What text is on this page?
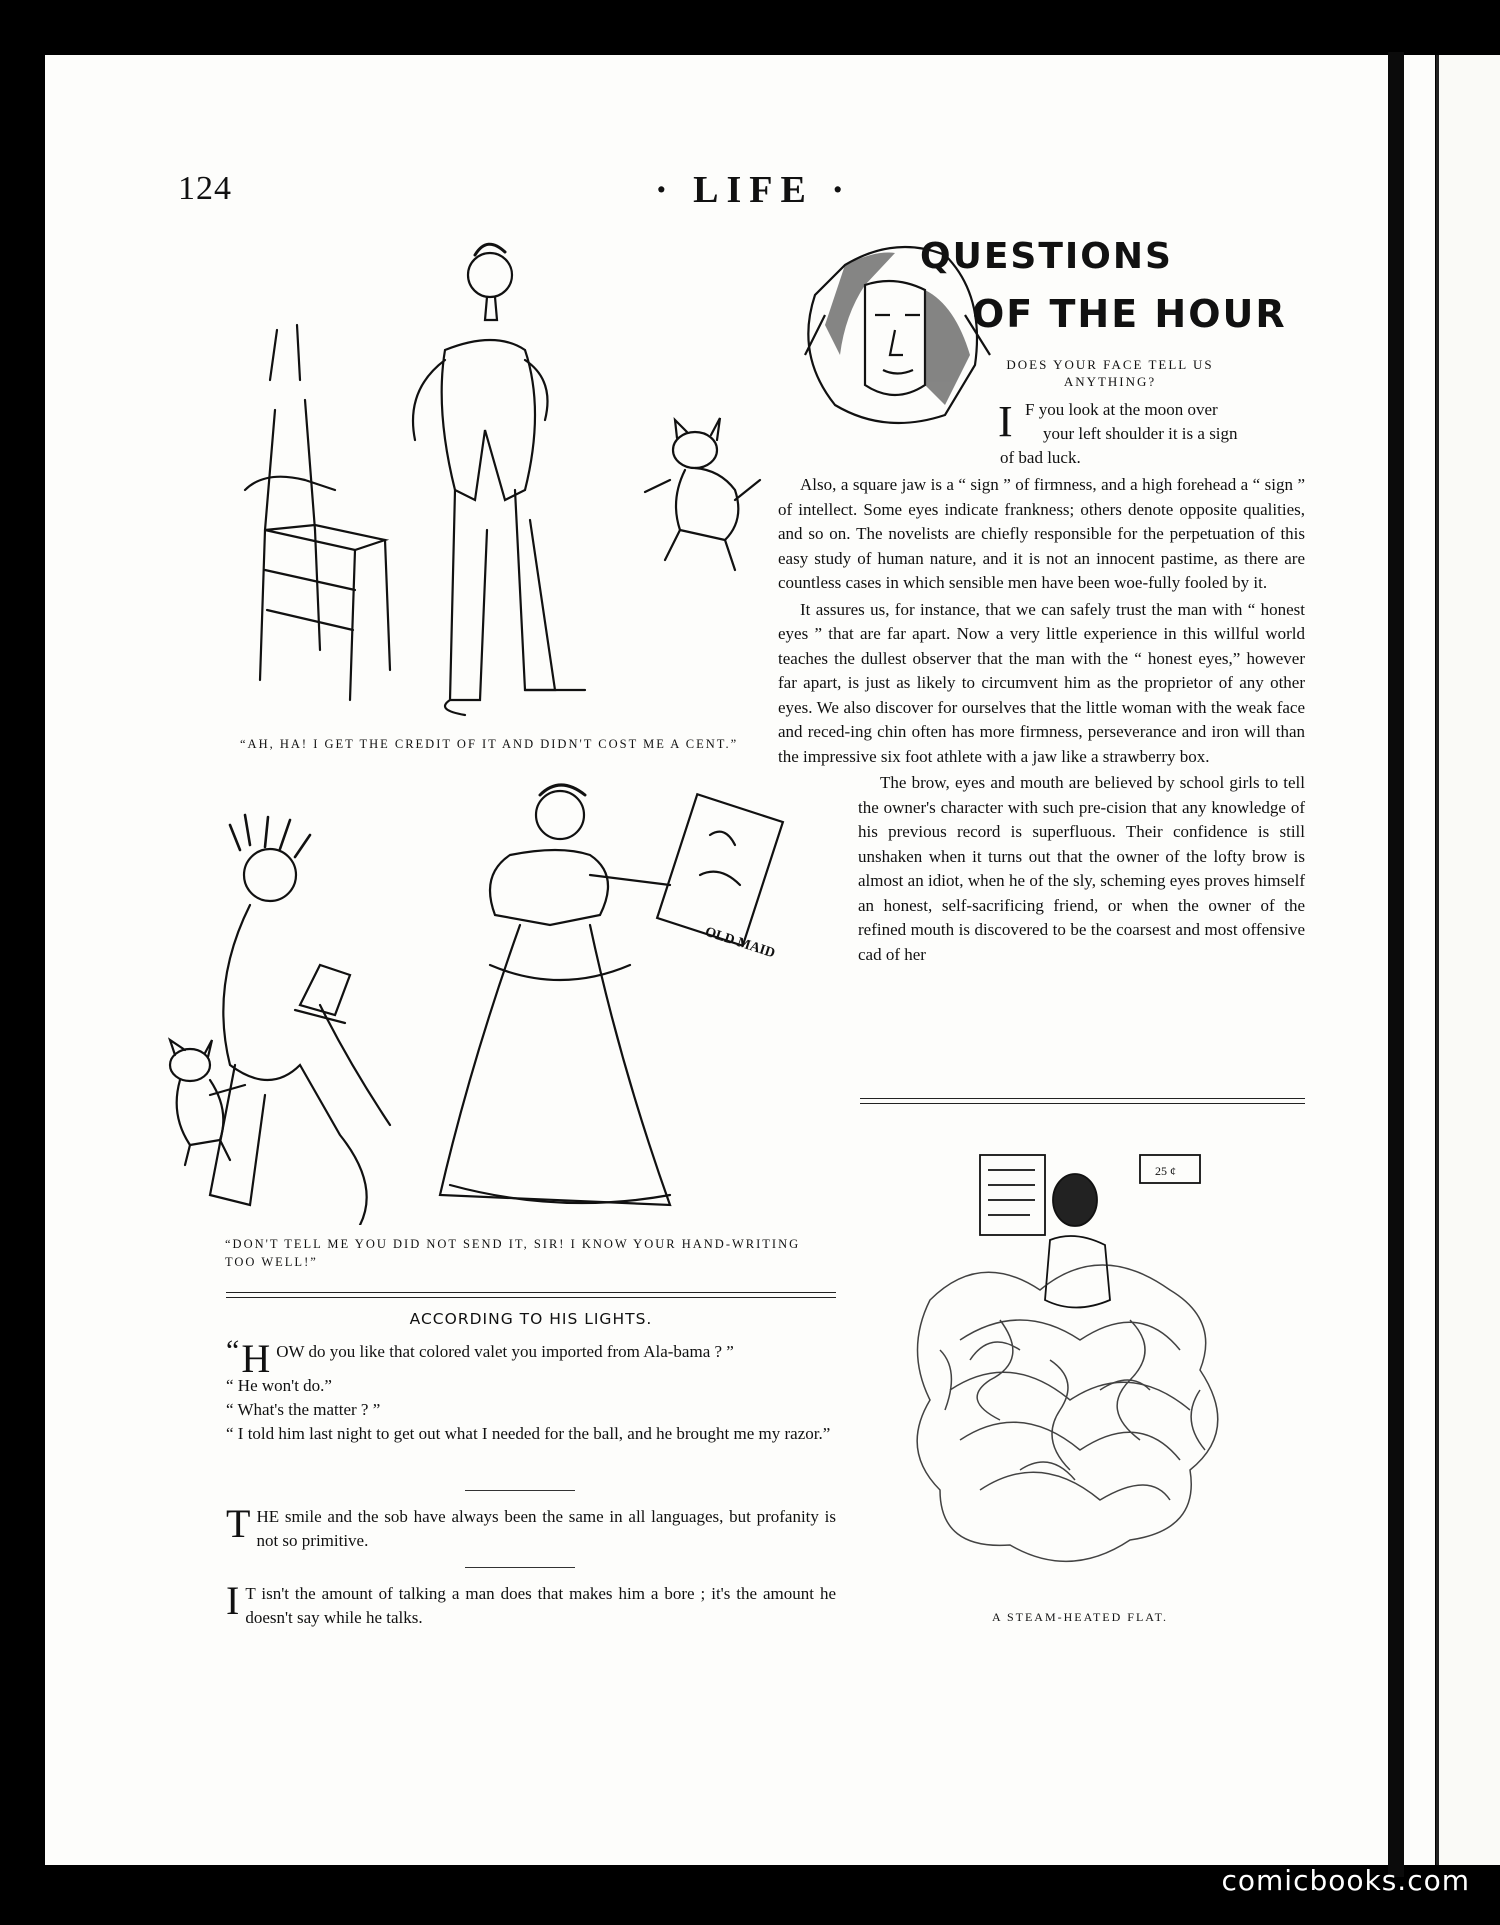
124	· LIFE ·
“AH, HA! I GET THE CREDIT OF IT AND DIDN'T COST ME A CENT.”
OLD MAID
“DON'T TELL ME YOU DID NOT SEND IT, SIR! I KNOW YOUR HAND-WRITING TOO WELL!”
QUESTIONS
OF THE HOUR
DOES YOUR FACE TELL US ANYTHING?
I F you look at the moon over
your left shoulder it is a sign
of bad luck.

Also, a square jaw is a “ sign ” of firmness, and a high forehead a “ sign ” of intellect. Some eyes indicate frankness; others denote opposite qualities, and so on. The novelists are chiefly responsible for the perpetuation of this easy study of human nature, and it is not an innocent pastime, as there are countless cases in which sensible men have been woe-fully fooled by it.

It assures us, for instance, that we can safely trust the man with “ honest eyes ” that are far apart. Now a very little experience in this willful world teaches the dullest observer that the man with the “ honest eyes,” however far apart, is just as likely to circumvent him as the proprietor of any other eyes. We also discover for ourselves that the little woman with the weak face and reced-ing chin often has more firmness, perseverance and iron will than the impressive six foot athlete with a jaw like a strawberry box.

The brow, eyes and mouth are believed by school girls to tell the owner's character with such pre-cision that any knowledge of his previous record is superfluous. Their confidence is still unshaken when it turns out that the owner of the lofty brow is almost an idiot, when he of the sly, scheming eyes proves himself an honest, self-sacrificing friend, or when the owner of the refined mouth is discovered to be the coarsest and most offensive cad of her

25 ¢
A STEAM-HEATED FLAT.
ACCORDING TO HIS LIGHTS.

“ H OW do you like that colored valet you imported from Ala-bama ? ”

“ He won't do.”

“ What's the matter ? ”

“ I told him last night to get out what I needed for the ball, and he brought me my razor.”

T HE smile and the sob have always been the same in all languages, but profanity is not so primitive.

I T isn't the amount of talking a man does that makes him a bore ; it's the amount he doesn't say while he talks.

comicbooks.com
